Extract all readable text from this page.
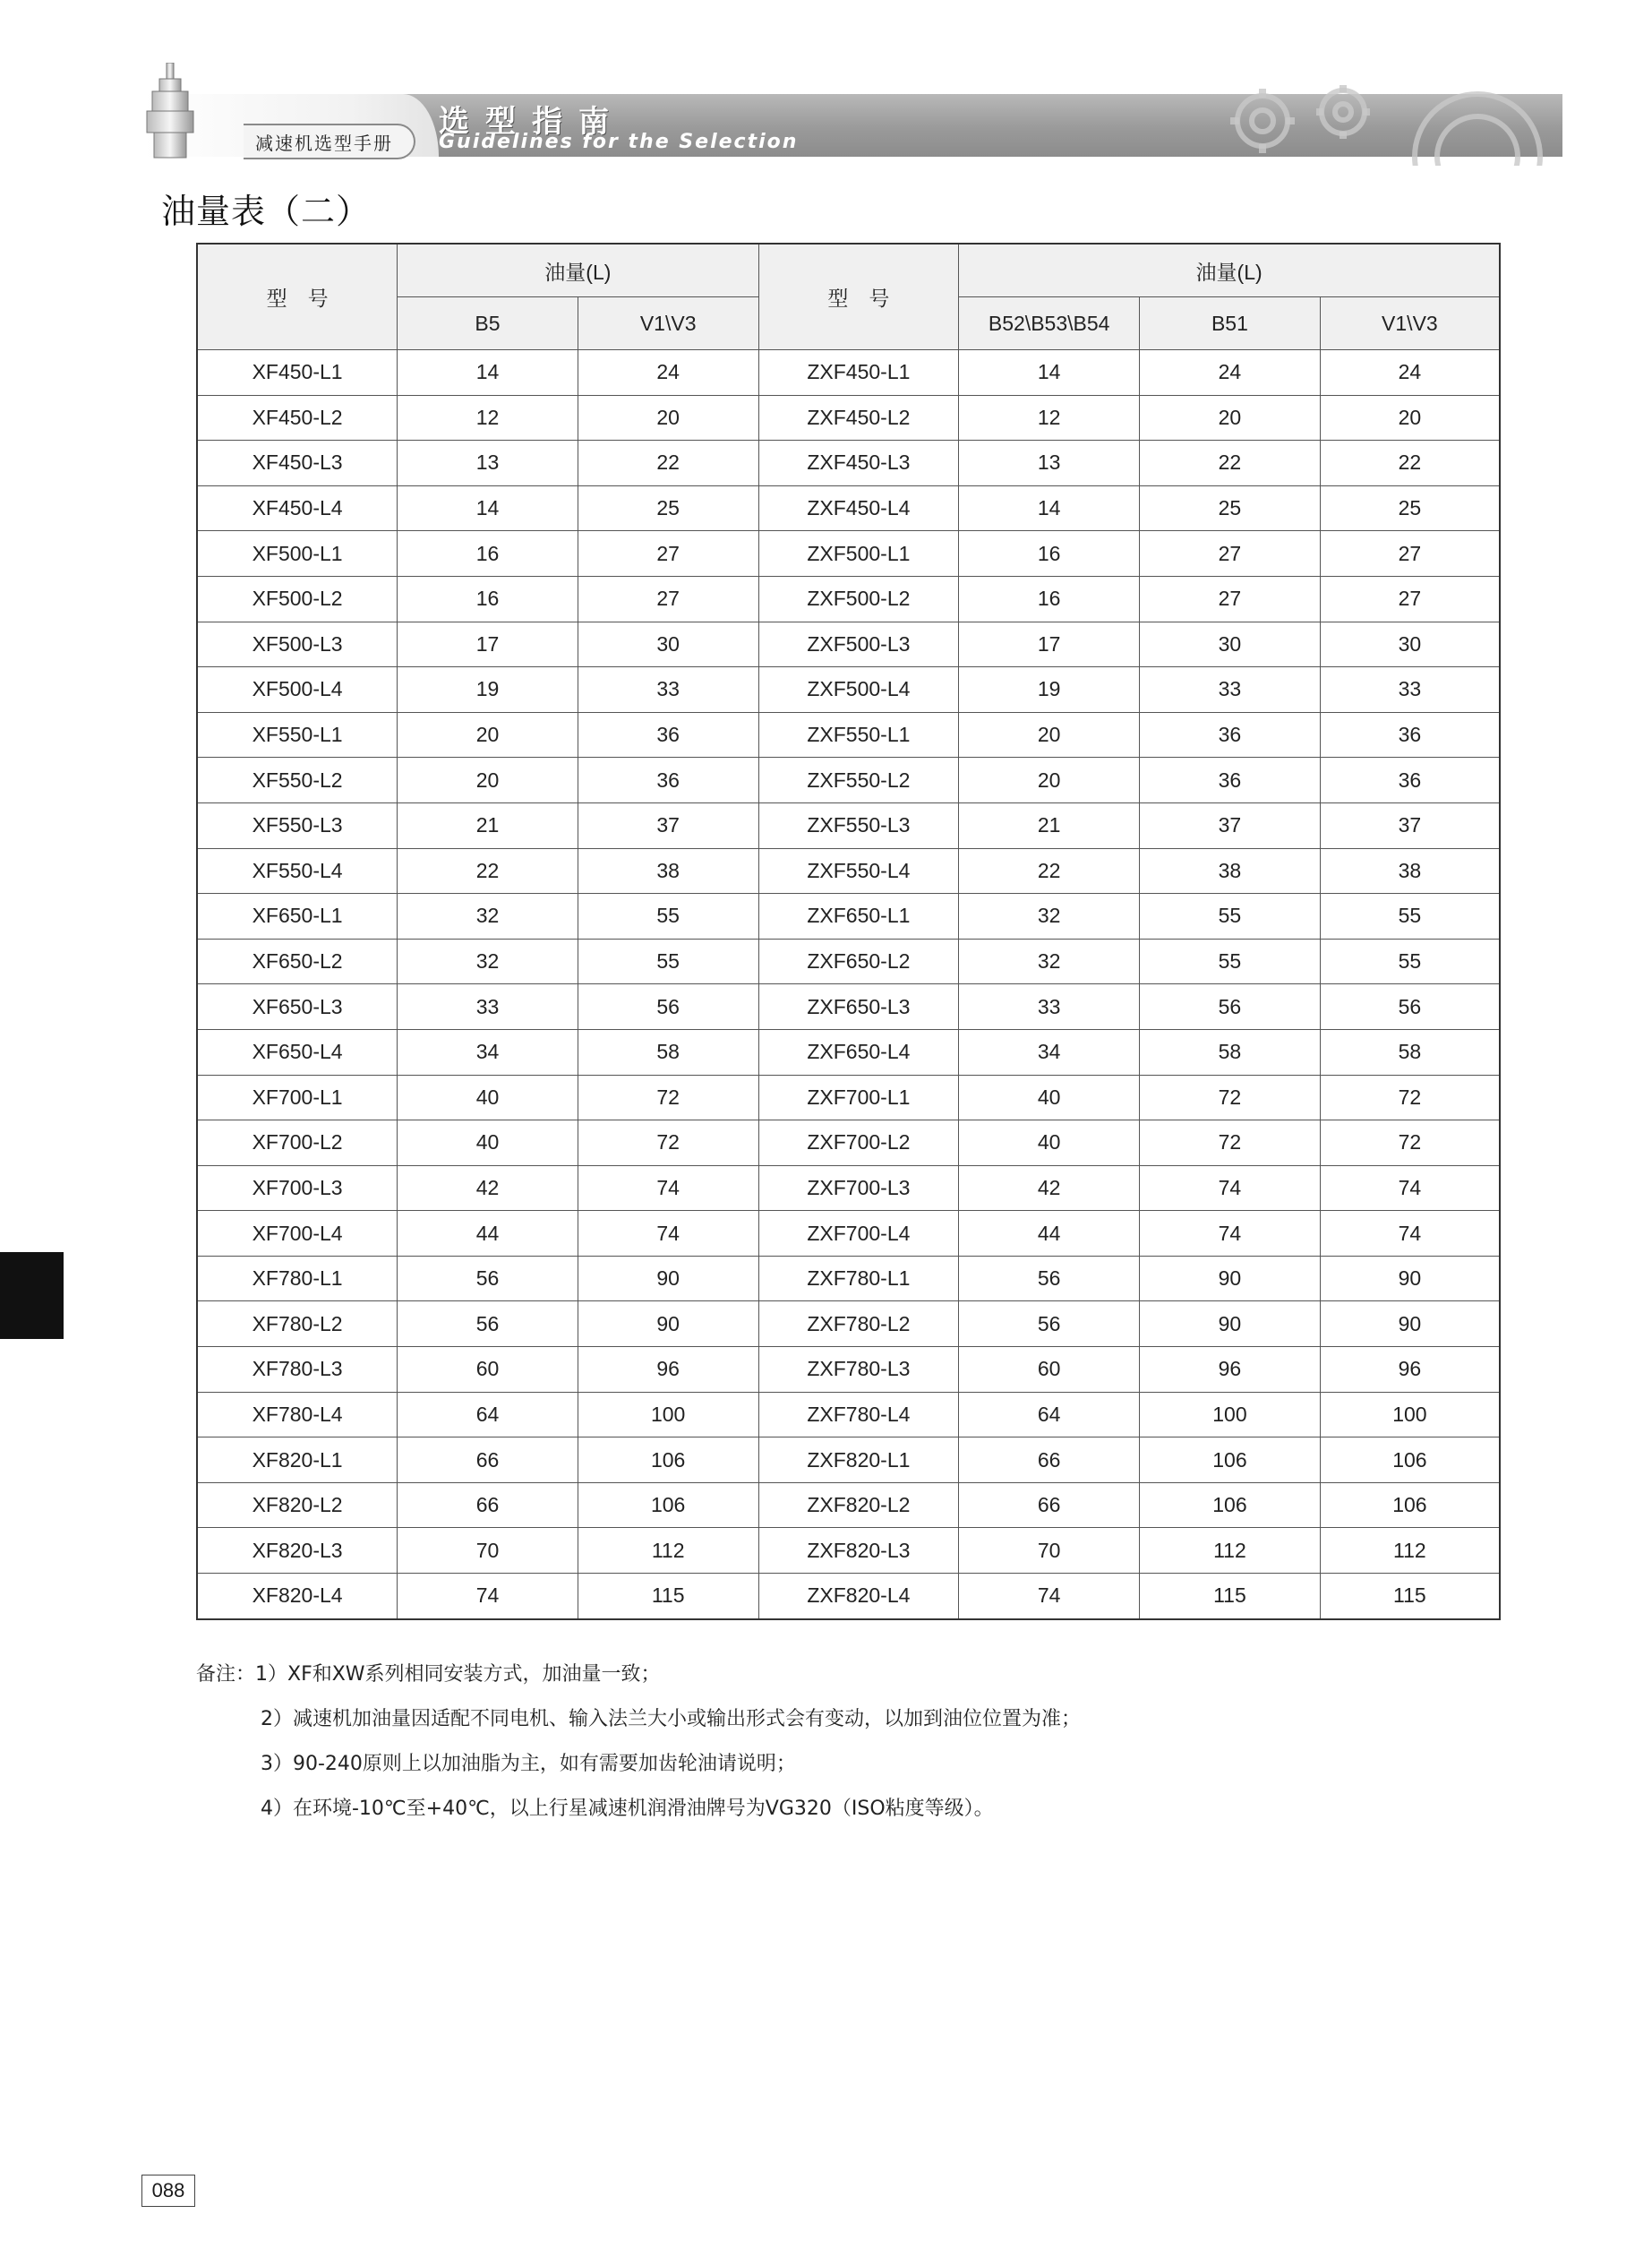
减速机选型手册
选型指南
Guidelines for the Selection
油量表（二）
型　号	油量(L)		型　号	油量(L)		
	B5	V1\V3		B52\B53\B54	B51	V1\V3
XF450-L1	14	24	ZXF450-L1	14	24	24
XF450-L2	12	20	ZXF450-L2	12	20	20
XF450-L3	13	22	ZXF450-L3	13	22	22
XF450-L4	14	25	ZXF450-L4	14	25	25
XF500-L1	16	27	ZXF500-L1	16	27	27
XF500-L2	16	27	ZXF500-L2	16	27	27
XF500-L3	17	30	ZXF500-L3	17	30	30
XF500-L4	19	33	ZXF500-L4	19	33	33
XF550-L1	20	36	ZXF550-L1	20	36	36
XF550-L2	20	36	ZXF550-L2	20	36	36
XF550-L3	21	37	ZXF550-L3	21	37	37
XF550-L4	22	38	ZXF550-L4	22	38	38
XF650-L1	32	55	ZXF650-L1	32	55	55
XF650-L2	32	55	ZXF650-L2	32	55	55
XF650-L3	33	56	ZXF650-L3	33	56	56
XF650-L4	34	58	ZXF650-L4	34	58	58
XF700-L1	40	72	ZXF700-L1	40	72	72
XF700-L2	40	72	ZXF700-L2	40	72	72
XF700-L3	42	74	ZXF700-L3	42	74	74
XF700-L4	44	74	ZXF700-L4	44	74	74
XF780-L1	56	90	ZXF780-L1	56	90	90
XF780-L2	56	90	ZXF780-L2	56	90	90
XF780-L3	60	96	ZXF780-L3	60	96	96
XF780-L4	64	100	ZXF780-L4	64	100	100
XF820-L1	66	106	ZXF820-L1	66	106	106
XF820-L2	66	106	ZXF820-L2	66	106	106
XF820-L3	70	112	ZXF820-L3	70	112	112
XF820-L4	74	115	ZXF820-L4	74	115	115
备注：1）XF和XW系列相同安装方式，加油量一致；
2）减速机加油量因适配不同电机、输入法兰大小或输出形式会有变动，以加到油位位置为准；
3）90-240原则上以加油脂为主，如有需要加齿轮油请说明；
4）在环境-10℃至+40℃，以上行星减速机润滑油牌号为VG320（ISO粘度等级）。
088
